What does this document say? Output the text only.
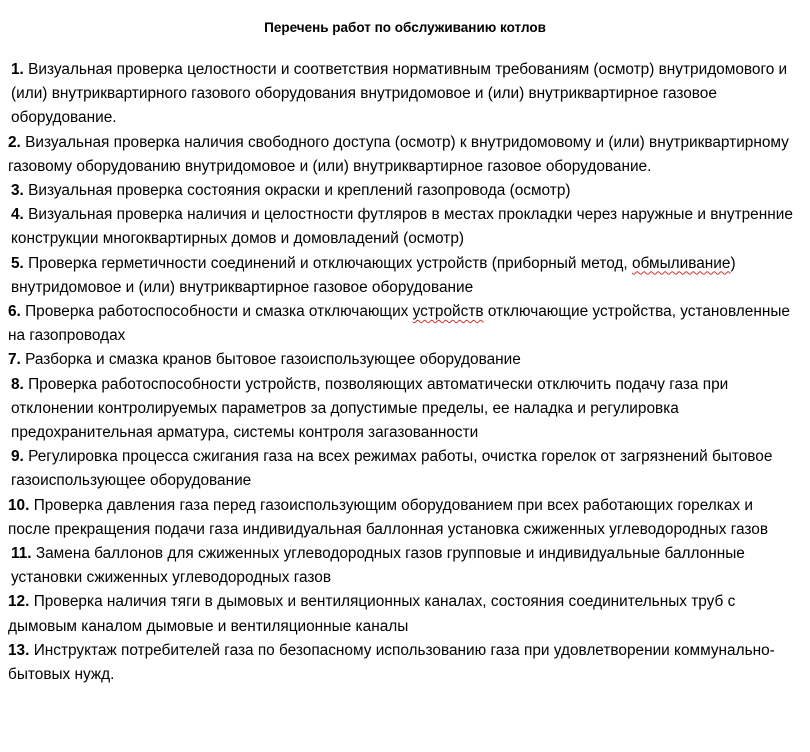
Перечень работ по обслуживанию котлов

1. Визуальная проверка целостности и соответствия нормативным требованиям (осмотр) внутридомового и (или) внутриквартирного газового оборудования внутридомовое и (или) внутриквартирное газовое оборудование.

2. Визуальная проверка наличия свободного доступа (осмотр) к внутридомовому и (или) внутриквартирному газовому оборудованию внутридомовое и (или) внутриквартирное газовое оборудование.

3. Визуальная проверка состояния окраски и креплений газопровода (осмотр)

4. Визуальная проверка наличия и целостности футляров в местах прокладки через наружные и внутренние конструкции многоквартирных домов и домовладений (осмотр)

5. Проверка герметичности соединений и отключающих устройств (приборный метод, обмыливание) внутридомовое и (или) внутриквартирное газовое оборудование

6. Проверка работоспособности и смазка отключающих устройств отключающие устройства, установленные на газопроводах

7. Разборка и смазка кранов бытовое газоиспользующее оборудование

8. Проверка работоспособности устройств, позволяющих автоматически отключить подачу газа при отклонении контролируемых параметров за допустимые пределы, ее наладка и регулировка предохранительная арматура, системы контроля загазованности

9. Регулировка процесса сжигания газа на всех режимах работы, очистка горелок от загрязнений бытовое газоиспользующее оборудование

10. Проверка давления газа перед газоиспользующим оборудованием при всех работающих горелках и после прекращения подачи газа индивидуальная баллонная установка сжиженных углеводородных газов

11. Замена баллонов для сжиженных углеводородных газов групповые и индивидуальные баллонные установки сжиженных углеводородных газов

12. Проверка наличия тяги в дымовых и вентиляционных каналах, состояния соединительных труб с дымовым каналом дымовые и вентиляционные каналы

13. Инструктаж потребителей газа по безопасному использованию газа при удовлетворении коммунально-бытовых нужд.
